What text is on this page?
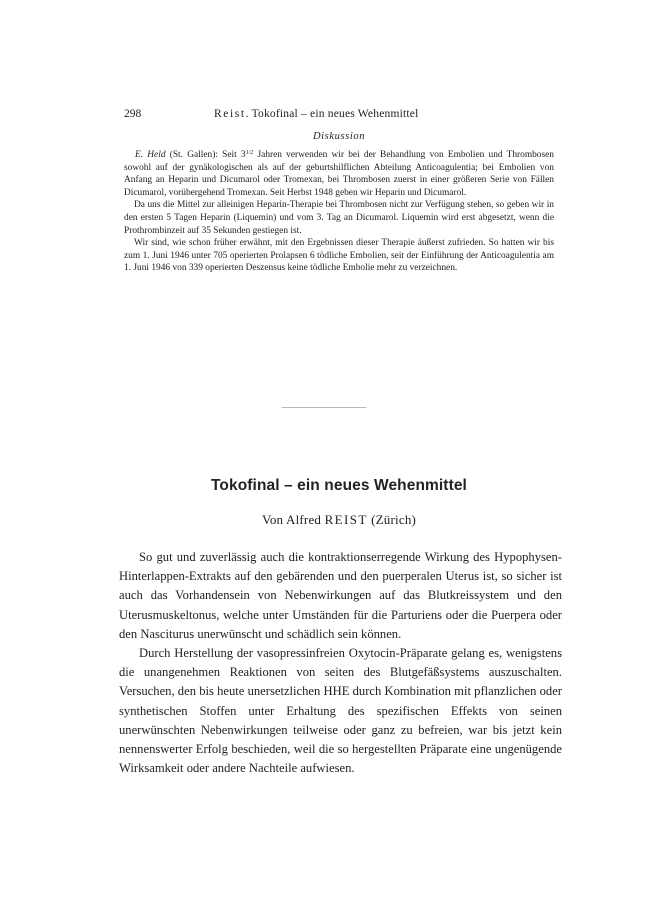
298	Reist. Tokofinal – ein neues Wehenmittel
Diskussion

E. Held (St. Gallen): Seit $3^{1/2}$ Jahren verwenden wir bei der Behandlung von Embolien und Thrombosen sowohl auf der gynäkologischen als auf der geburtshilflichen Abteilung Anticoagulentia; bei Embolien von Anfang an Heparin und Dicumarol oder Tromexan, bei Thrombosen zuerst in einer größeren Serie von Fällen Dicumarol, vorübergehend Tromexan. Seit Herbst 1948 geben wir Heparin und Dicumarol.

Da uns die Mittel zur alleinigen Heparin-Therapie bei Thrombosen nicht zur Verfügung stehen, so geben wir in den ersten 5 Tagen Heparin (Liquemin) und vom 3. Tag an Dicumarol. Liquemin wird erst abgesetzt, wenn die Prothrombinzeit auf 35 Sekunden gestiegen ist.

Wir sind, wie schon früher erwähnt, mit den Ergebnissen dieser Therapie äußerst zufrieden. So hatten wir bis zum 1. Juni 1946 unter 705 operierten Prolapsen 6 tödliche Embolien, seit der Einführung der Anticoagulentia am 1. Juni 1946 von 339 operierten Deszensus keine tödliche Embolie mehr zu verzeichnen.

Tokofinal – ein neues Wehenmittel
Von Alfred REIST (Zürich)

So gut und zuverlässig auch die kontraktionserregende Wirkung des Hypophysen-Hinterlappen-Extrakts auf den gebärenden und den puerperalen Uterus ist, so sicher ist auch das Vorhandensein von Nebenwirkungen auf das Blutkreissystem und den Uterusmuskeltonus, welche unter Umständen für die Parturiens oder die Puerpera oder den Nasciturus unerwünscht und schädlich sein können.

Durch Herstellung der vasopressinfreien Oxytocin-Präparate gelang es, wenigstens die unangenehmen Reaktionen von seiten des Blutgefäßsystems auszuschalten. Versuchen, den bis heute unersetzlichen HHE durch Kombination mit pflanzlichen oder synthetischen Stoffen unter Erhaltung des spezifischen Effekts von seinen unerwünschten Nebenwirkungen teilweise oder ganz zu befreien, war bis jetzt kein nennenswerter Erfolg beschieden, weil die so hergestellten Präparate eine ungenügende Wirksamkeit oder andere Nachteile aufwiesen.
